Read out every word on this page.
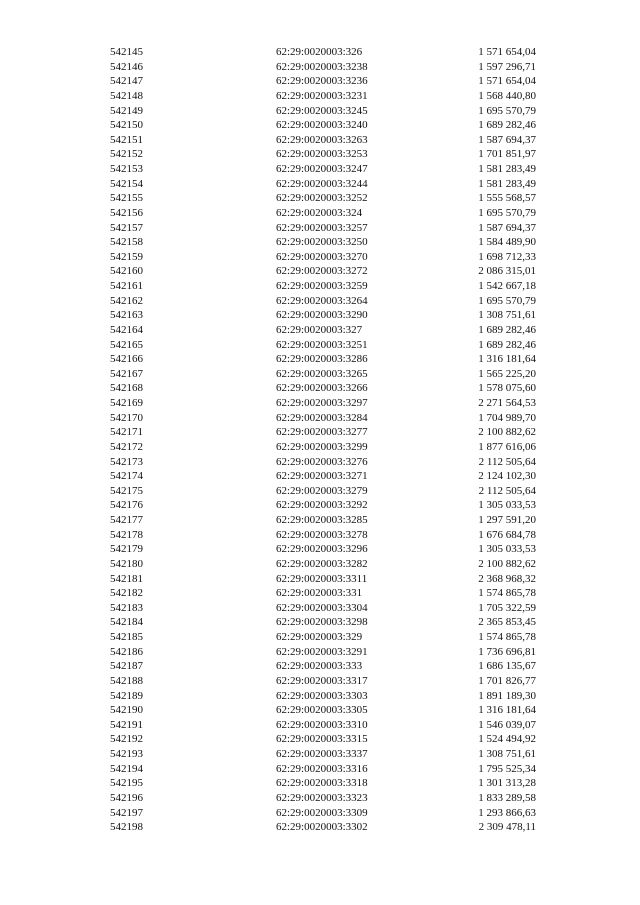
542145	62:29:0020003:326	1 571 654,04
542146	62:29:0020003:3238	1 597 296,71
542147	62:29:0020003:3236	1 571 654,04
542148	62:29:0020003:3231	1 568 440,80
542149	62:29:0020003:3245	1 695 570,79
542150	62:29:0020003:3240	1 689 282,46
542151	62:29:0020003:3263	1 587 694,37
542152	62:29:0020003:3253	1 701 851,97
542153	62:29:0020003:3247	1 581 283,49
542154	62:29:0020003:3244	1 581 283,49
542155	62:29:0020003:3252	1 555 568,57
542156	62:29:0020003:324	1 695 570,79
542157	62:29:0020003:3257	1 587 694,37
542158	62:29:0020003:3250	1 584 489,90
542159	62:29:0020003:3270	1 698 712,33
542160	62:29:0020003:3272	2 086 315,01
542161	62:29:0020003:3259	1 542 667,18
542162	62:29:0020003:3264	1 695 570,79
542163	62:29:0020003:3290	1 308 751,61
542164	62:29:0020003:327	1 689 282,46
542165	62:29:0020003:3251	1 689 282,46
542166	62:29:0020003:3286	1 316 181,64
542167	62:29:0020003:3265	1 565 225,20
542168	62:29:0020003:3266	1 578 075,60
542169	62:29:0020003:3297	2 271 564,53
542170	62:29:0020003:3284	1 704 989,70
542171	62:29:0020003:3277	2 100 882,62
542172	62:29:0020003:3299	1 877 616,06
542173	62:29:0020003:3276	2 112 505,64
542174	62:29:0020003:3271	2 124 102,30
542175	62:29:0020003:3279	2 112 505,64
542176	62:29:0020003:3292	1 305 033,53
542177	62:29:0020003:3285	1 297 591,20
542178	62:29:0020003:3278	1 676 684,78
542179	62:29:0020003:3296	1 305 033,53
542180	62:29:0020003:3282	2 100 882,62
542181	62:29:0020003:3311	2 368 968,32
542182	62:29:0020003:331	1 574 865,78
542183	62:29:0020003:3304	1 705 322,59
542184	62:29:0020003:3298	2 365 853,45
542185	62:29:0020003:329	1 574 865,78
542186	62:29:0020003:3291	1 736 696,81
542187	62:29:0020003:333	1 686 135,67
542188	62:29:0020003:3317	1 701 826,77
542189	62:29:0020003:3303	1 891 189,30
542190	62:29:0020003:3305	1 316 181,64
542191	62:29:0020003:3310	1 546 039,07
542192	62:29:0020003:3315	1 524 494,92
542193	62:29:0020003:3337	1 308 751,61
542194	62:29:0020003:3316	1 795 525,34
542195	62:29:0020003:3318	1 301 313,28
542196	62:29:0020003:3323	1 833 289,58
542197	62:29:0020003:3309	1 293 866,63
542198	62:29:0020003:3302	2 309 478,11
